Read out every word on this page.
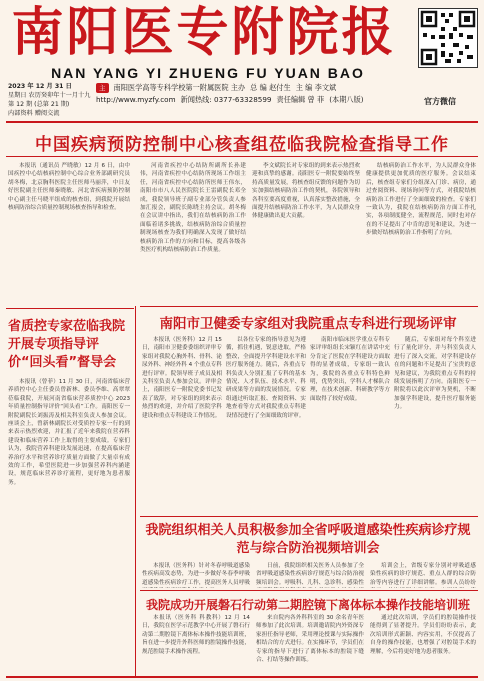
南阳医专附院报
NAN YANG YI ZHUENG FU YUAN BAO
2023 年 12 月 31 日
星期日 农历癸卯年十一月十九
第 12 期 (总第 21 期)
内部资料 赠阅交流
主	南阳医学高等专科学校第一附属医院 主办 总 编 赵付生 主 编 李文斌
http://www.myzfy.com 新闻热线: 0377-63328599 责任编辑 曾 菲 (本期八版)	官方微信
中国疾病预防控制中心核查组莅临我院检查指导工作

本报讯（通讯员 严晓敏）12 月 6 日，由中国疾控中心结核病控制中心综合业务部副研究员胡冬梅，北京胸科医院主任医师马丽萍，中日友好医院副主任医师秦晓敏、河北省疾病预防控制中心副主任马晓平组成的核查组，到我院开展结核病防治综合质量控制现场核查指导和检查。

河南省疾控中心结防所副所长孙建伟，河南省疾控中心结防所现场工作组主任，河南省疾控中心结防所医师王伟东，南阳市市八人民医院院长王雷副院长邓全成，我院领导班子副专业部分管负责人参加汇报会，副院长陈晓主持会议。胡冬梅在会议讲中指出，我们在结核病防治工作面临着诸多挑战，结核病防治综合质量控制现场核查为我们明确深入发现了做好结核病防治工作的方向和目标，提高各级各类医疗机构结核病防治工作质量。

李文斌院长对专家组的到来表示热烈欢迎和真挚的感谢。南阳医专一附院要始终坚持高质量发展，将核查组反馈的问题作为切实加强结核病防治工作的契机，各院领导和各科室要高度重视，认真落实整改措施，全面提升结核病防治工作水平，为人民群众身体健康做出更大贡献。

结核病防治工作水平，为人民群众身体健康提供更加优质的医疗服务。会议结束后，核查组专家们分组深入门诊、病房，通过查阅资料、现场询问等方式，对我院结核病防治工作进行了全面细致的检查。专家们一致认为，我院在结核病防治方面工作扎实，各项制度健全，流程规范，同时也对存在的不足提出了中肯的意见和建议，为进一步做好结核病防治工作指明了方向。

省质控专家莅临我院开展专项指导评价“回头看”督导会

本报讯（曾菲）11 月 30 日，河南省临床营养质控中心主任委员曾新林、委员李维、高翠翠莅临我院，开展河南省临床营养质控中心 2023 年质量控制指导评价“回头看”工作。南阳医专一附院副院长刘振涛及相关科室负责人参加会议。座谈会上，曾新林副院长对受质控专家一行的到来表示热烈欢迎，并汇报了近年来我院在营养科建设和临床营养工作上取得的主要成绩。专家们认为，我院营养科建设发展迅速，在提高临床营养治疗水平和营养诊疗质量方面做了大量卓有成效的工作，希望医院进一步加强营养科内涵建设，规范临床营养诊疗流程，更好地为患者服务。

南阳市卫健委专家组对我院重点专科进行现场评审

本报讯（医务科）12 月 15 日，南阳市卫健委委组织评审专家组对我院心胸外科、骨科、泌尿外科、神经外科 4 个重点专科进行评审。院领导班子成员及相关科室负责人参加会议。评审会上，南阳医专一附院党委书记发表了致辞，对专家组的到来表示热烈的欢迎，并介绍了医院学科建设和重点专科建设工作情况。

以各位专家的指导意见为遵循，抓住机遇，锐意进取，严格整改，全面提升学科建设水平和医疗服务能力。随后，各重点专科负责人分别汇报了专科的基本情况、人才队伍、技术水平、科研成果等方面的发展情况。专家组通过听取汇报、查阅资料、实地查看等方式对我院重点专科建设情况进行了全面细致的评审。

南阳市临床医学重点专科专家评审组组长宋颖红在讲话中充分肯定了医院在学科建设方面取得的显著成绩，专家组一致认为，我院的各重点专科特色鲜明，优势突出，学科人才梯队合理，在技术创新、科研教学等方面取得了较好成绩。

随后，专家组对每个科室进行了量化评分，并与科室负责人进行了深入交流，对学科建设存在的问题和不足提出了宝贵的意见和建议，为我院重点专科的持续发展指明了方向。南阳医专一附院将以此次评审为契机，不断加强学科建设，提升医疗服务能力。

我院组织相关人员积极参加全省呼吸道感染性疾病诊疗规范与综合防治视频培训会

本报讯（医务科）针对冬春呼吸道感染性疾病高发态势，为进一步做好冬春季呼吸道感染性疾病诊疗工作，提高医务人员呼吸

日前，我院组织相关医务人员参加了全省呼吸道感染性疾病诊疗规范与综合防治视频培训会。呼吸科、儿科、急诊科、感染性

培训会上，省级专家分别对呼吸道感染性疾病的诊疗规范、重点人群的综合防治等内容进行了详细讲解。参训人员纷纷

我院成功开展磐石行动第二期腔镜下离体标本操作技能培训班

本报讯（医务科 科教科）12 月 14 日，我院在医学示范教学中心开展了磐石行动第二期腔镜下离体标本操作技能培训班，旨在进一步提升外科医师的腔镜操作技能，规范腔镜手术操作流程。

来自院内各外科科室的 30 余名青年医师参加了此次培训。培训邀请院内外资深专家担任指导老师，采用理论授课与实际操作相结合的方式进行。在实操环节，学员们在专家的指导下进行了离体标本的腔镜下缝合、打结等操作训练。

通过此次培训，学员们的腔镜操作技能得到了显著提升。学员们纷纷表示，此次培训形式新颖、内容实用，不仅提高了自身的操作技能，也增强了对腔镜手术的理解，今后将更好地为患者服务。
